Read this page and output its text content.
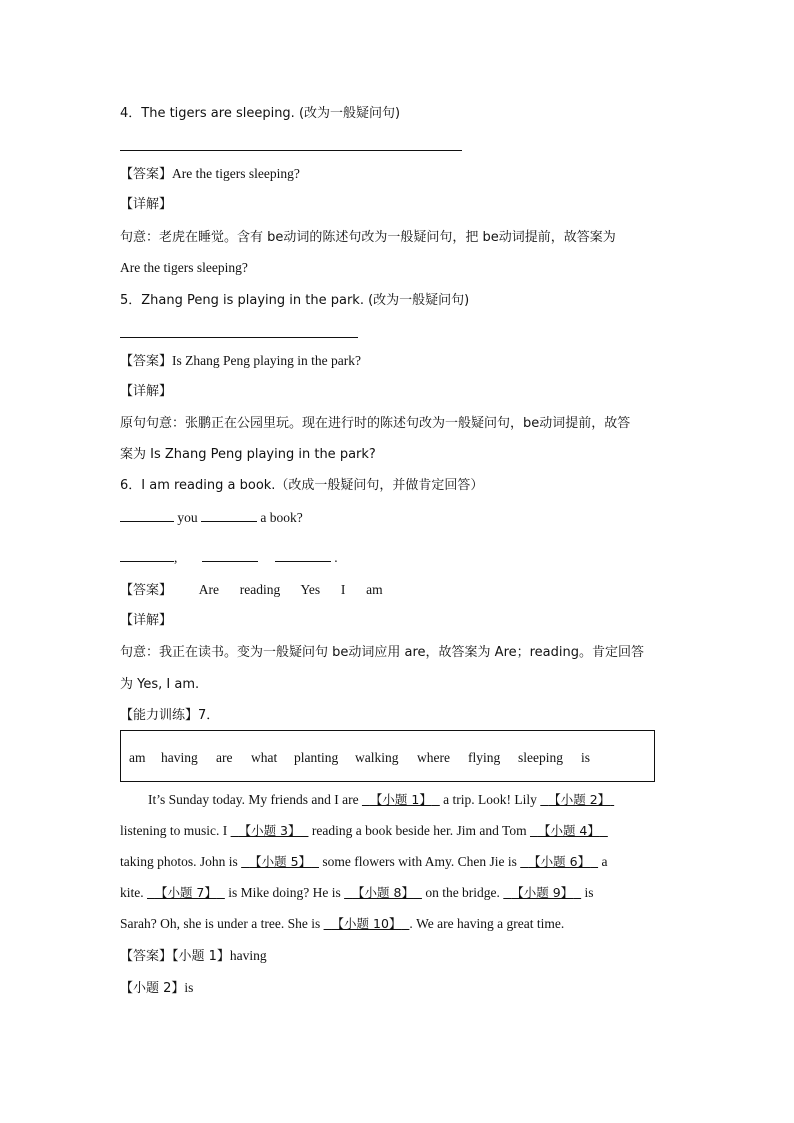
4．The tigers are sleeping. (改为一般疑问句)
【答案】Are the tigers sleeping?
【详解】
句意：老虎在睡觉。含有 be动词的陈述句改为一般疑问句，把 be动词提前，故答案为
Are the tigers sleeping?
5．Zhang Peng is playing in the park. (改为一般疑问句)
【答案】Is Zhang Peng playing in the park?
【详解】
原句句意：张鹏正在公园里玩。现在进行时的陈述句改为一般疑问句，be动词提前，故答
案为 Is Zhang Peng playing in the park?
6．I am reading a book.（改成一般疑问句，并做肯定回答）
you	a book?
,	.
【答案】 Are reading Yes I am
【详解】
句意：我正在读书。变为一般疑问句 be动词应用 are，故答案为 Are；reading。肯定回答
为 Yes, I am.
【能力训练】7．
am having are what planting walking where flying sleeping is
It’s Sunday today. My friends and I are 【小题 1】 a trip. Look! Lily 【小题 2】
listening to music. I 【小题 3】 reading a book beside her. Jim and Tom 【小题 4】
taking photos. John is 【小题 5】 some flowers with Amy. Chen Jie is 【小题 6】 a
kite. 【小题 7】 is Mike doing? He is 【小题 8】 on the bridge. 【小题 9】 is
Sarah? Oh, she is under a tree. She is 【小题 10】 . We are having a great time.
【答案】【小题 1】having
【小题 2】is
